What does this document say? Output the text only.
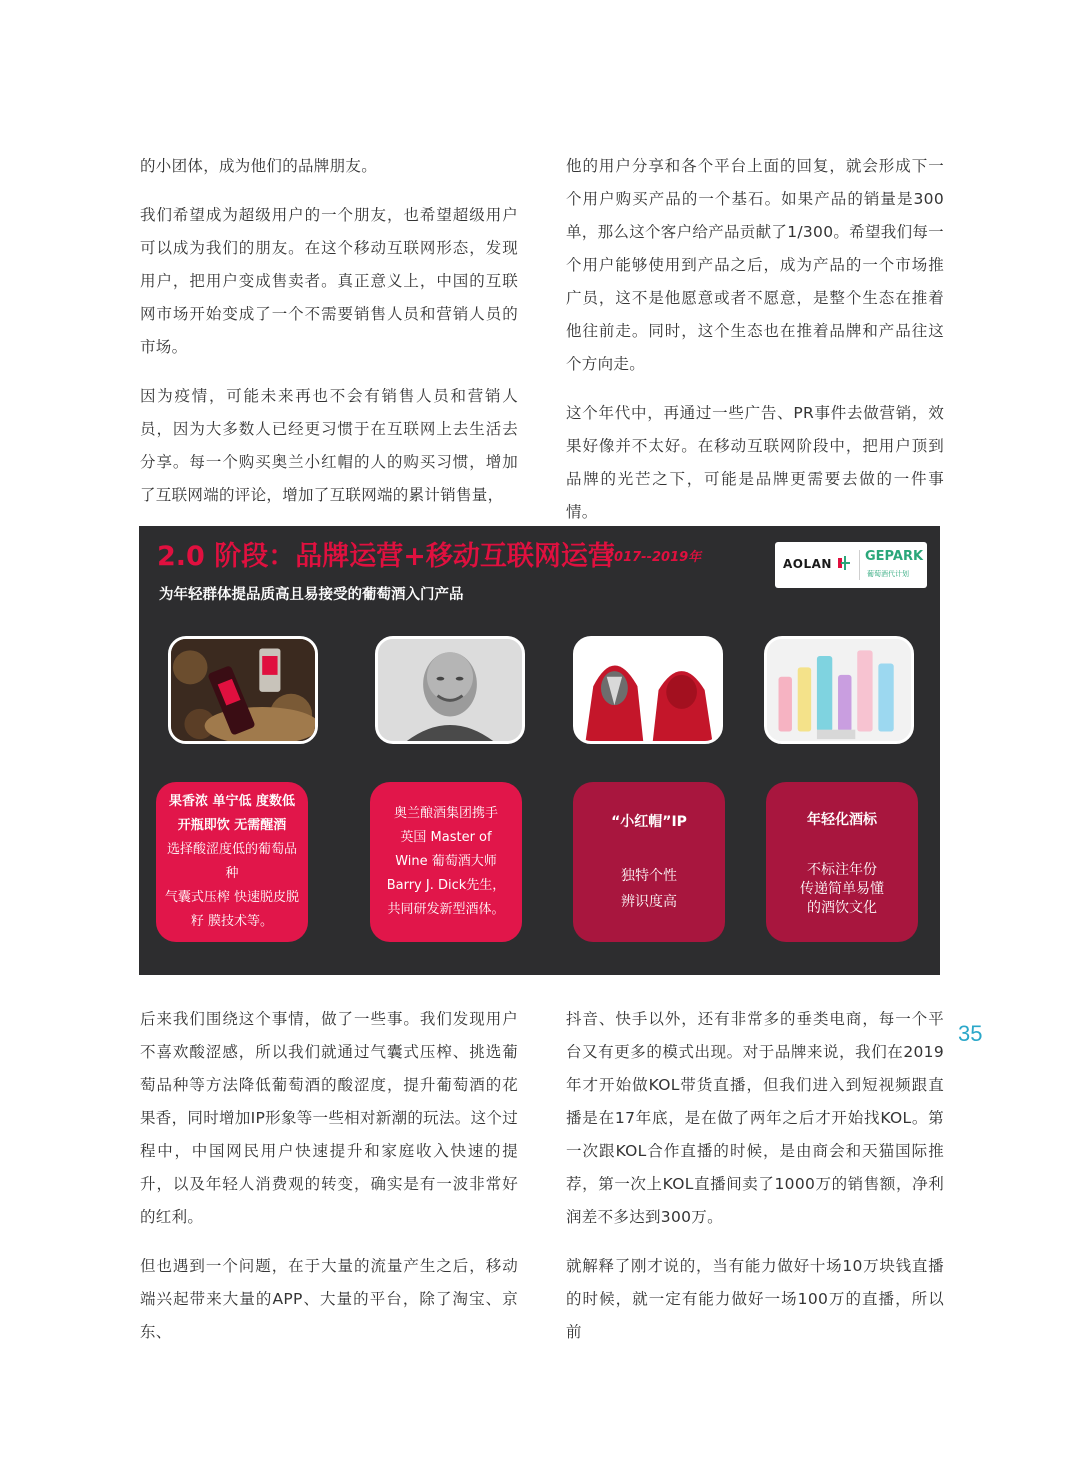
的小团体，成为他们的品牌朋友。

我们希望成为超级用户的一个朋友，也希望超级用户可以成为我们的朋友。在这个移动互联网形态，发现用户，把用户变成售卖者。真正意义上，中国的互联网市场开始变成了一个不需要销售人员和营销人员的市场。

因为疫情，可能未来再也不会有销售人员和营销人员，因为大多数人已经更习惯于在互联网上去生活去分享。每一个购买奥兰小红帽的人的购买习惯，增加了互联网端的评论，增加了互联网端的累计销售量，

他的用户分享和各个平台上面的回复，就会形成下一个用户购买产品的一个基石。如果产品的销量是300单，那么这个客户给产品贡献了1/300。希望我们每一个用户能够使用到产品之后，成为产品的一个市场推广员，这不是他愿意或者不愿意，是整个生态在推着他往前走。同时，这个生态也在推着品牌和产品往这个方向走。

这个年代中，再通过一些广告、PR事件去做营销，效果好像并不太好。在移动互联网阶段中，把用户顶到品牌的光芒之下，可能是品牌更需要去做的一件事情。

2.0 阶段：品牌运营+移动互联网运营
2017--2019年
为年轻群体提品质高且易接受的葡萄酒入门产品
AOLAN	GEPARK
葡萄酒代计划
果香浓 单宁低 度数低
开瓶即饮 无需醒酒
选择酸涩度低的葡萄品种
气囊式压榨 快速脱皮脱
籽 膜技术等。
奥兰酿酒集团携手
英国 Master of
Wine 葡萄酒大师
Barry J. Dick先生，
共同研发新型酒体。
“小红帽”IP
独特个性
辨识度高
年轻化酒标
不标注年份
传递简单易懂
的酒饮文化

后来我们围绕这个事情，做了一些事。我们发现用户不喜欢酸涩感，所以我们就通过气囊式压榨、挑选葡萄品种等方法降低葡萄酒的酸涩度，提升葡萄酒的花果香，同时增加IP形象等一些相对新潮的玩法。这个过程中，中国网民用户快速提升和家庭收入快速的提升，以及年轻人消费观的转变，确实是有一波非常好的红利。

但也遇到一个问题，在于大量的流量产生之后，移动端兴起带来大量的APP、大量的平台，除了淘宝、京东、

抖音、快手以外，还有非常多的垂类电商，每一个平台又有更多的模式出现。对于品牌来说，我们在2019年才开始做KOL带货直播，但我们进入到短视频跟直播是在17年底，是在做了两年之后才开始找KOL。第一次跟KOL合作直播的时候，是由商会和天猫国际推荐，第一次上KOL直播间卖了1000万的销售额，净利润差不多达到300万。

就解释了刚才说的，当有能力做好十场10万块钱直播的时候，就一定有能力做好一场100万的直播，所以前

35
